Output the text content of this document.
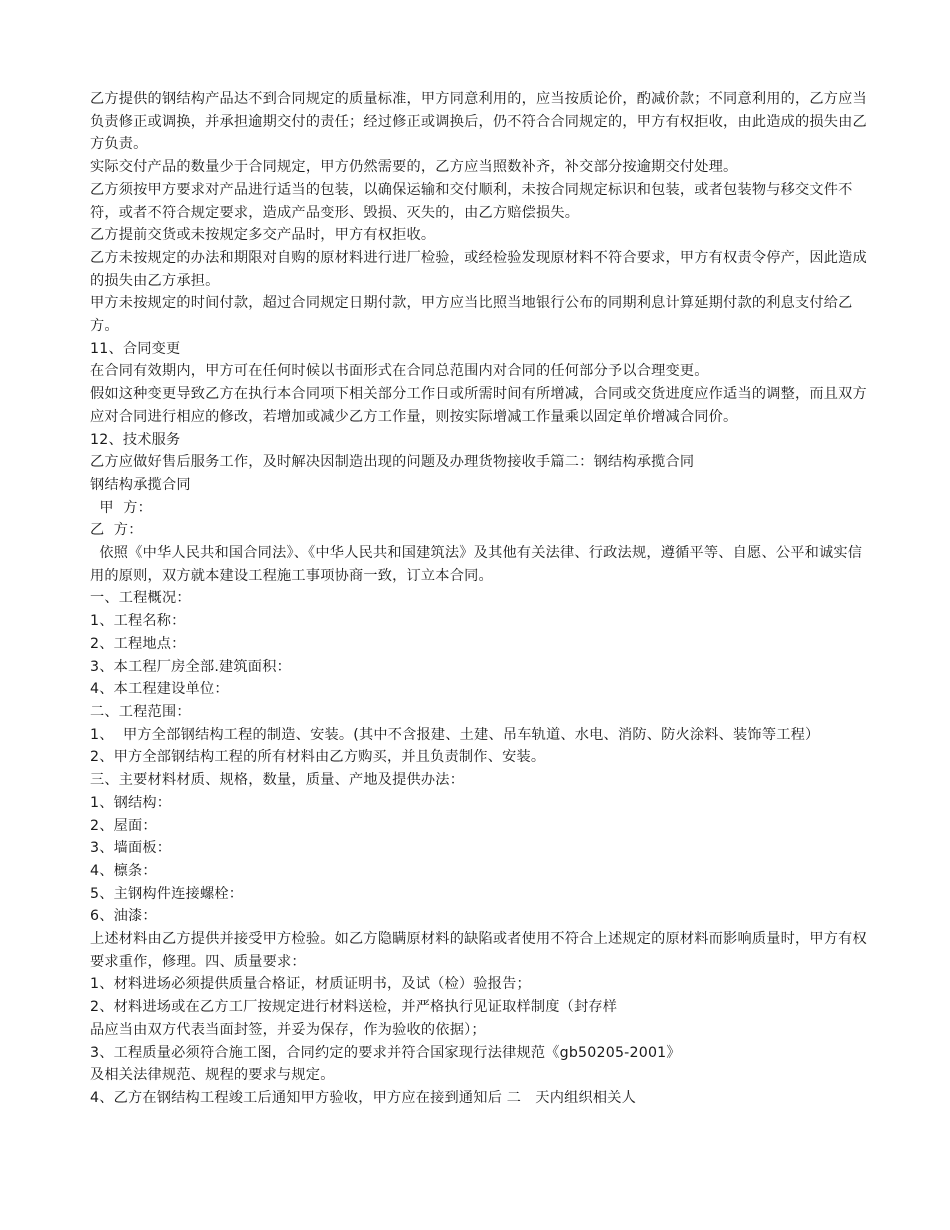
乙方提供的钢结构产品达不到合同规定的质量标准，甲方同意利用的，应当按质论价，酌减价款；不同意利用的，乙方应当负责修正或调换，并承担逾期交付的责任；经过修正或调换后，仍不符合合同规定的，甲方有权拒收，由此造成的损失由乙方负责。

实际交付产品的数量少于合同规定，甲方仍然需要的，乙方应当照数补齐，补交部分按逾期交付处理。

乙方须按甲方要求对产品进行适当的包装，以确保运输和交付顺利，未按合同规定标识和包装，或者包装物与移交文件不符，或者不符合规定要求，造成产品变形、毁损、灭失的，由乙方赔偿损失。

乙方提前交货或未按规定多交产品时，甲方有权拒收。

乙方未按规定的办法和期限对自购的原材料进行进厂检验，或经检验发现原材料不符合要求，甲方有权责令停产，因此造成的损失由乙方承担。

甲方未按规定的时间付款，超过合同规定日期付款，甲方应当比照当地银行公布的同期利息计算延期付款的利息支付给乙方。

11、合同变更

在合同有效期内，甲方可在任何时候以书面形式在合同总范围内对合同的任何部分予以合理变更。

假如这种变更导致乙方在执行本合同项下相关部分工作日或所需时间有所增减，合同或交货进度应作适当的调整，而且双方应对合同进行相应的修改，若增加或减少乙方工作量，则按实际增减工作量乘以固定单价增减合同价。

12、技术服务

乙方应做好售后服务工作，及时解决因制造出现的问题及办理货物接收手篇二：钢结构承揽合同

钢结构承揽合同

甲  方：

乙  方：

依照《中华人民共和国合同法》、《中华人民共和国建筑法》及其他有关法律、行政法规，遵循平等、自愿、公平和诚实信用的原则，双方就本建设工程施工事项协商一致，订立本合同。

一、工程概况：

1、工程名称：

2、工程地点：

3、本工程厂房全部.建筑面积：

4、本工程建设单位：

二、工程范围：

1、  甲方全部钢结构工程的制造、安装。(其中不含报建、土建、吊车轨道、水电、消防、防火涂料、装饰等工程）

2、甲方全部钢结构工程的所有材料由乙方购买，并且负责制作、安装。

三、主要材料材质、规格，数量，质量、产地及提供办法：

1、钢结构：

2、屋面：

3、墙面板：

4、檩条：

5、主钢构件连接螺栓：

6、油漆：

上述材料由乙方提供并接受甲方检验。如乙方隐瞒原材料的缺陷或者使用不符合上述规定的原材料而影响质量时，甲方有权要求重作，修理。四、质量要求：

1、材料进场必须提供质量合格证，材质证明书，及试（检）验报告；

2、材料进场或在乙方工厂按规定进行材料送检，并严格执行见证取样制度（封存样

品应当由双方代表当面封签，并妥为保存，作为验收的依据）；

3、工程质量必须符合施工图，合同约定的要求并符合国家现行法律规范《gb50205-2001》

及相关法律规范、规程的要求与规定。

4、乙方在钢结构工程竣工后通知甲方验收，甲方应在接到通知后 二   天内组织相关人
